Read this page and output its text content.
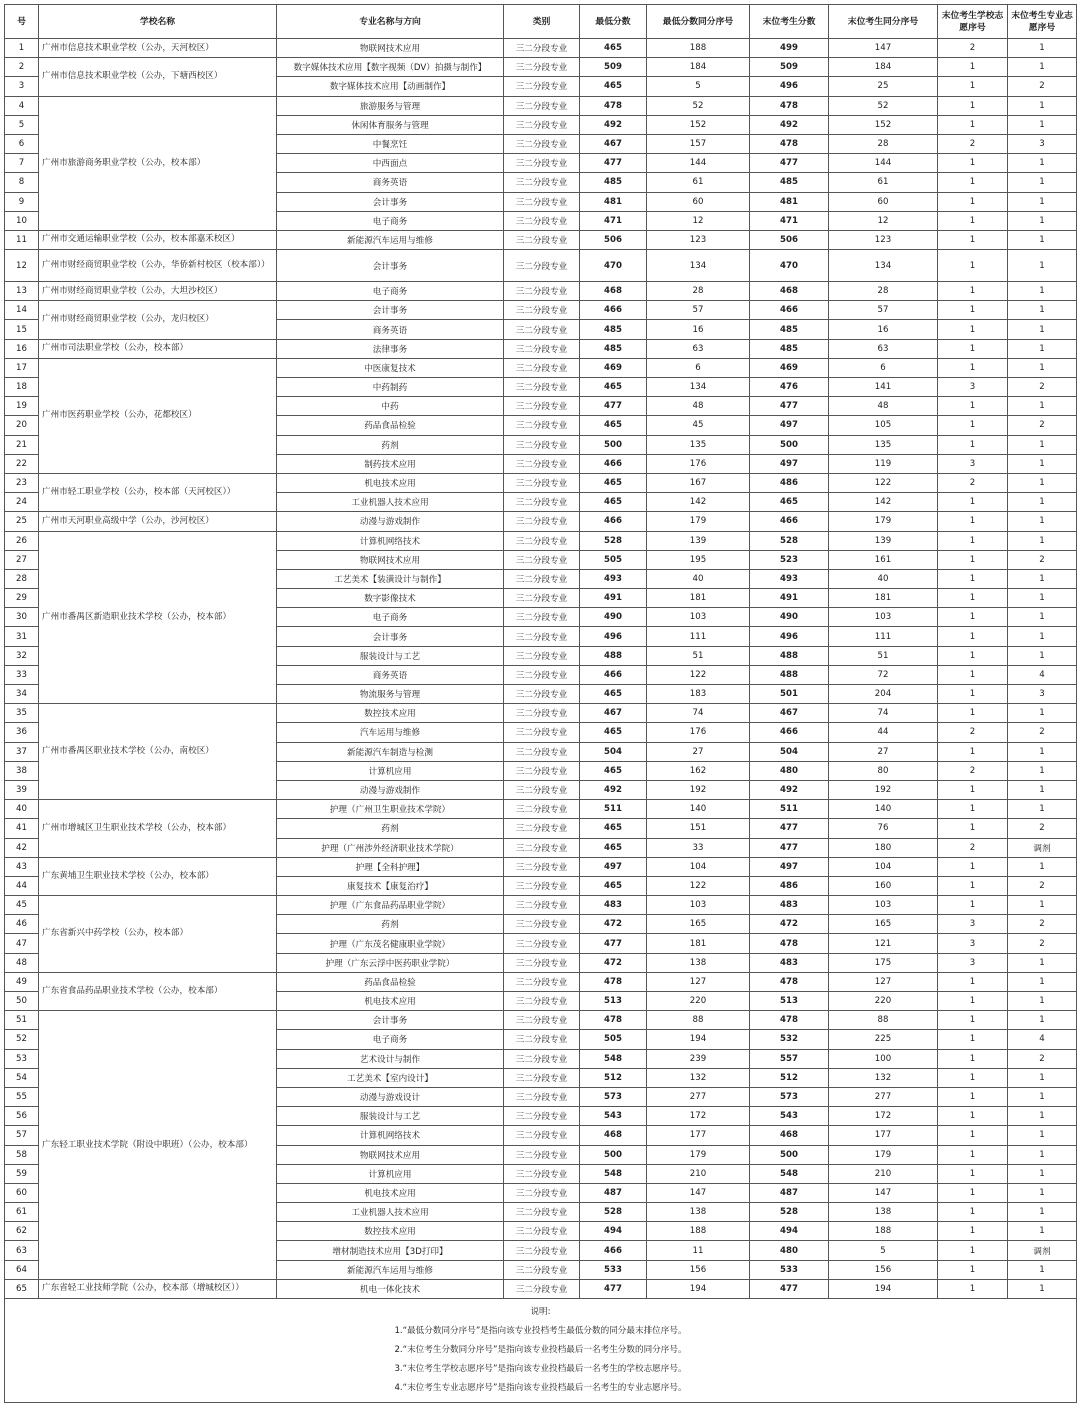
号	学校名称	专业名称与方向	类别	最低分数	最低分数同分序号	末位考生分数	末位考生同分序号	末位考生学校志愿序号	末位考生专业志愿序号
1	广州市信息技术职业学校（公办，天河校区）	物联网技术应用	三二分段专业	465	188	499	147	2	1
2	广州市信息技术职业学校（公办，下塘西校区）	数字媒体技术应用【数字视频（DV）拍摄与制作】	三二分段专业	509	184	509	184	1	1
3		数字媒体技术应用【动画制作】	三二分段专业	465	5	496	25	1	2
4	广州市旅游商务职业学校（公办，校本部）	旅游服务与管理	三二分段专业	478	52	478	52	1	1
5		休闲体育服务与管理	三二分段专业	492	152	492	152	1	1
6		中餐烹饪	三二分段专业	467	157	478	28	2	3
7		中西面点	三二分段专业	477	144	477	144	1	1
8		商务英语	三二分段专业	485	61	485	61	1	1
9		会计事务	三二分段专业	481	60	481	60	1	1
10		电子商务	三二分段专业	471	12	471	12	1	1
11	广州市交通运输职业学校（公办，校本部嘉禾校区）	新能源汽车运用与维修	三二分段专业	506	123	506	123	1	1
12	广州市财经商贸职业学校（公办，华侨新村校区（校本部））	会计事务	三二分段专业	470	134	470	134	1	1
13	广州市财经商贸职业学校（公办，大坦沙校区）	电子商务	三二分段专业	468	28	468	28	1	1
14	广州市财经商贸职业学校（公办，龙归校区）	会计事务	三二分段专业	466	57	466	57	1	1
15		商务英语	三二分段专业	485	16	485	16	1	1
16	广州市司法职业学校（公办，校本部）	法律事务	三二分段专业	485	63	485	63	1	1
17	广州市医药职业学校（公办，花都校区）	中医康复技术	三二分段专业	469	6	469	6	1	1
18		中药制药	三二分段专业	465	134	476	141	3	2
19		中药	三二分段专业	477	48	477	48	1	1
20		药品食品检验	三二分段专业	465	45	497	105	1	2
21		药剂	三二分段专业	500	135	500	135	1	1
22		制药技术应用	三二分段专业	466	176	497	119	3	1
23	广州市轻工职业学校（公办，校本部（天河校区））	机电技术应用	三二分段专业	465	167	486	122	2	1
24		工业机器人技术应用	三二分段专业	465	142	465	142	1	1
25	广州市天河职业高级中学（公办，沙河校区）	动漫与游戏制作	三二分段专业	466	179	466	179	1	1
26	广州市番禺区新造职业技术学校（公办，校本部）	计算机网络技术	三二分段专业	528	139	528	139	1	1
27		物联网技术应用	三二分段专业	505	195	523	161	1	2
28		工艺美术【装潢设计与制作】	三二分段专业	493	40	493	40	1	1
29		数字影像技术	三二分段专业	491	181	491	181	1	1
30		电子商务	三二分段专业	490	103	490	103	1	1
31		会计事务	三二分段专业	496	111	496	111	1	1
32		服装设计与工艺	三二分段专业	488	51	488	51	1	1
33		商务英语	三二分段专业	466	122	488	72	1	4
34		物流服务与管理	三二分段专业	465	183	501	204	1	3
35	广州市番禺区职业技术学校（公办，南校区）	数控技术应用	三二分段专业	467	74	467	74	1	1
36		汽车运用与维修	三二分段专业	465	176	466	44	2	2
37		新能源汽车制造与检测	三二分段专业	504	27	504	27	1	1
38		计算机应用	三二分段专业	465	162	480	80	2	1
39		动漫与游戏制作	三二分段专业	492	192	492	192	1	1
40	广州市增城区卫生职业技术学校（公办，校本部）	护理（广州卫生职业技术学院）	三二分段专业	511	140	511	140	1	1
41		药剂	三二分段专业	465	151	477	76	1	2
42		护理（广州涉外经济职业技术学院）	三二分段专业	465	33	477	180	2	调剂
43	广东黄埔卫生职业技术学校（公办，校本部）	护理【全科护理】	三二分段专业	497	104	497	104	1	1
44		康复技术【康复治疗】	三二分段专业	465	122	486	160	1	2
45	广东省新兴中药学校（公办，校本部）	护理（广东食品药品职业学院）	三二分段专业	483	103	483	103	1	1
46		药剂	三二分段专业	472	165	472	165	3	2
47		护理（广东茂名健康职业学院）	三二分段专业	477	181	478	121	3	2
48		护理（广东云浮中医药职业学院）	三二分段专业	472	138	483	175	3	1
49	广东省食品药品职业技术学校（公办，校本部）	药品食品检验	三二分段专业	478	127	478	127	1	1
50		机电技术应用	三二分段专业	513	220	513	220	1	1
51	广东轻工职业技术学院（附设中职班）（公办，校本部）	会计事务	三二分段专业	478	88	478	88	1	1
52		电子商务	三二分段专业	505	194	532	225	1	4
53		艺术设计与制作	三二分段专业	548	239	557	100	1	2
54		工艺美术【室内设计】	三二分段专业	512	132	512	132	1	1
55		动漫与游戏设计	三二分段专业	573	277	573	277	1	1
56		服装设计与工艺	三二分段专业	543	172	543	172	1	1
57		计算机网络技术	三二分段专业	468	177	468	177	1	1
58		物联网技术应用	三二分段专业	500	179	500	179	1	1
59		计算机应用	三二分段专业	548	210	548	210	1	1
60		机电技术应用	三二分段专业	487	147	487	147	1	1
61		工业机器人技术应用	三二分段专业	528	138	528	138	1	1
62		数控技术应用	三二分段专业	494	188	494	188	1	1
63		增材制造技术应用【3D打印】	三二分段专业	466	11	480	5	1	调剂
64		新能源汽车运用与维修	三二分段专业	533	156	533	156	1	1
65	广东省轻工业技师学院（公办，校本部（增城校区））	机电一体化技术	三二分段专业	477	194	477	194	1	1

说明:
1.“最低分数同分序号”是指向该专业投档考生最低分数的同分最末排位序号。
2.“末位考生分数同分序号”是指向该专业投档最后一名考生分数的同分序号。
3.“末位考生学校志愿序号”是指向该专业投档最后一名考生的学校志愿序号。
4.“末位考生专业志愿序号”是指向该专业投档最后一名考生的专业志愿序号。									
